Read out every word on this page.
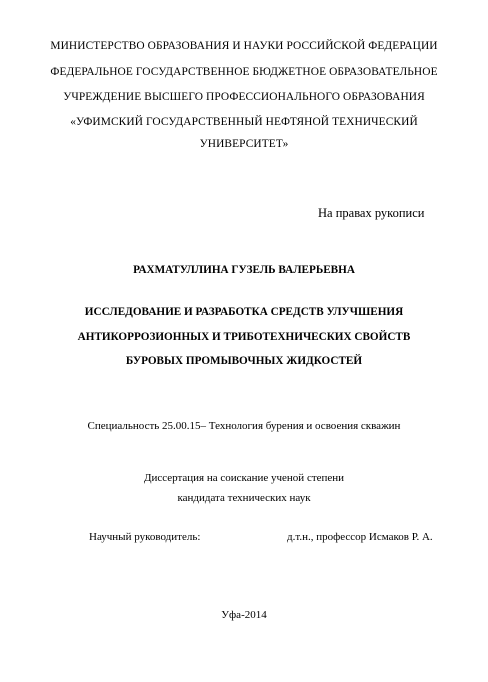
МИНИСТЕРСТВО ОБРАЗОВАНИЯ И НАУКИ РОССИЙСКОЙ ФЕДЕРАЦИИ
ФЕДЕРАЛЬНОЕ ГОСУДАРСТВЕННОЕ БЮДЖЕТНОЕ ОБРАЗОВАТЕЛЬНОЕ
УЧРЕЖДЕНИЕ ВЫСШЕГО ПРОФЕССИОНАЛЬНОГО ОБРАЗОВАНИЯ
«УФИМСКИЙ ГОСУДАРСТВЕННЫЙ НЕФТЯНОЙ ТЕХНИЧЕСКИЙ
УНИВЕРСИТЕТ»
На правах рукописи
РАХМАТУЛЛИНА ГУЗЕЛЬ ВАЛЕРЬЕВНА
ИССЛЕДОВАНИЕ И РАЗРАБОТКА СРЕДСТВ УЛУЧШЕНИЯ
АНТИКОРРОЗИОННЫХ И ТРИБОТЕХНИЧЕСКИХ СВОЙСТВ
БУРОВЫХ ПРОМЫВОЧНЫХ ЖИДКОСТЕЙ
Специальность 25.00.15– Технология бурения и освоения скважин
Диссертация на соискание ученой степени
кандидата технических наук
Научный руководитель:	д.т.н., профессор Исмаков Р. А.
Уфа-2014
